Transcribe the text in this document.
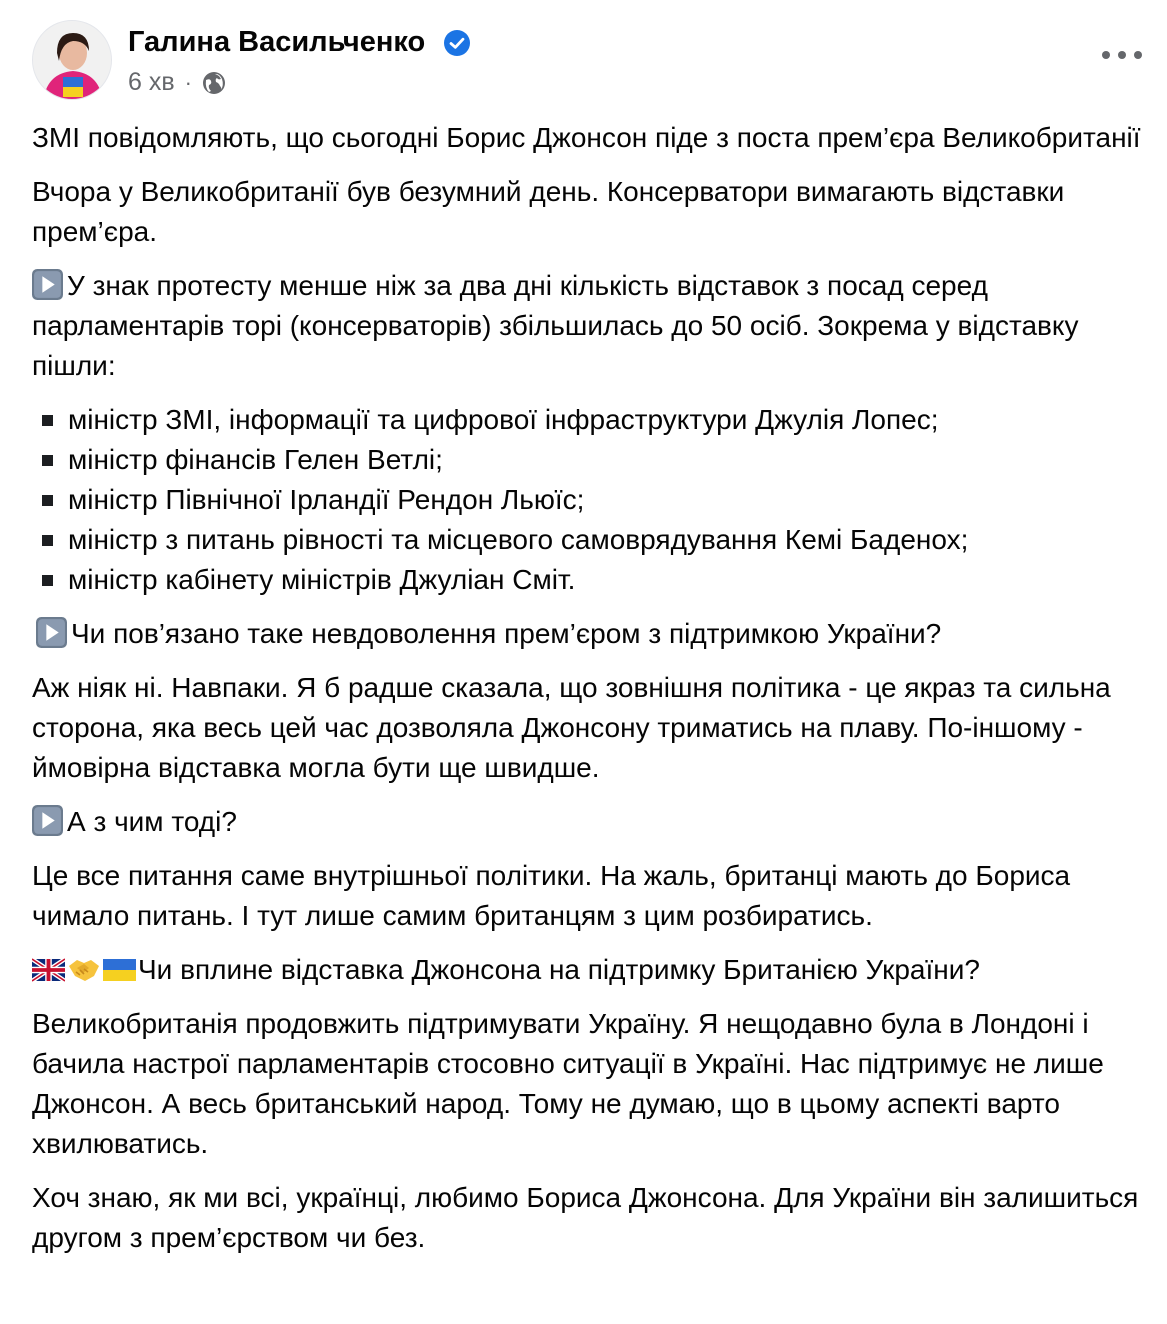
Галина Васильченко
6 хв ·

ЗМІ повідомляють, що сьогодні Борис Джонсон піде з поста прем’єра Великобританії

Вчора у Великобританії був безумний день. Консерватори вимагають відставки прем’єра.

У знак протесту менше ніж за два дні кількість відставок з посад серед парламентарів торі (консерваторів) збільшилась до 50 осіб. Зокрема у відставку пішли:

міністр ЗМІ, інформації та цифрової інфраструктури Джулія Лопес;
міністр фінансів Гелен Ветлі;
міністр Північної Ірландії Рендон Льюїс;
міністр з питань рівності та місцевого самоврядування Кемі Баденох;
міністр кабінету міністрів Джуліан Сміт.

Чи пов’язано таке невдоволення прем’єром з підтримкою України?

Аж ніяк ні. Навпаки. Я б радше сказала, що зовнішня політика - це якраз та сильна сторона, яка весь цей час дозволяла Джонсону триматись на плаву. По-іншому - ймовірна відставка могла бути ще швидше.

А з чим тоді?

Це все питання саме внутрішньої політики. На жаль, британці мають до Бориса чимало питань. І тут лише самим британцям з цим розбиратись.

Чи вплине відставка Джонсона на підтримку Британією України?

Великобританія продовжить підтримувати Україну. Я нещодавно була в Лондоні і бачила настрої парламентарів стосовно ситуації в Україні. Нас підтримує не лише Джонсон. А весь британський народ. Тому не думаю, що в цьому аспекті варто хвилюватись.

Хоч знаю, як ми всі, українці, любимо Бориса Джонсона. Для України він залишиться другом з прем’єрством чи без.
